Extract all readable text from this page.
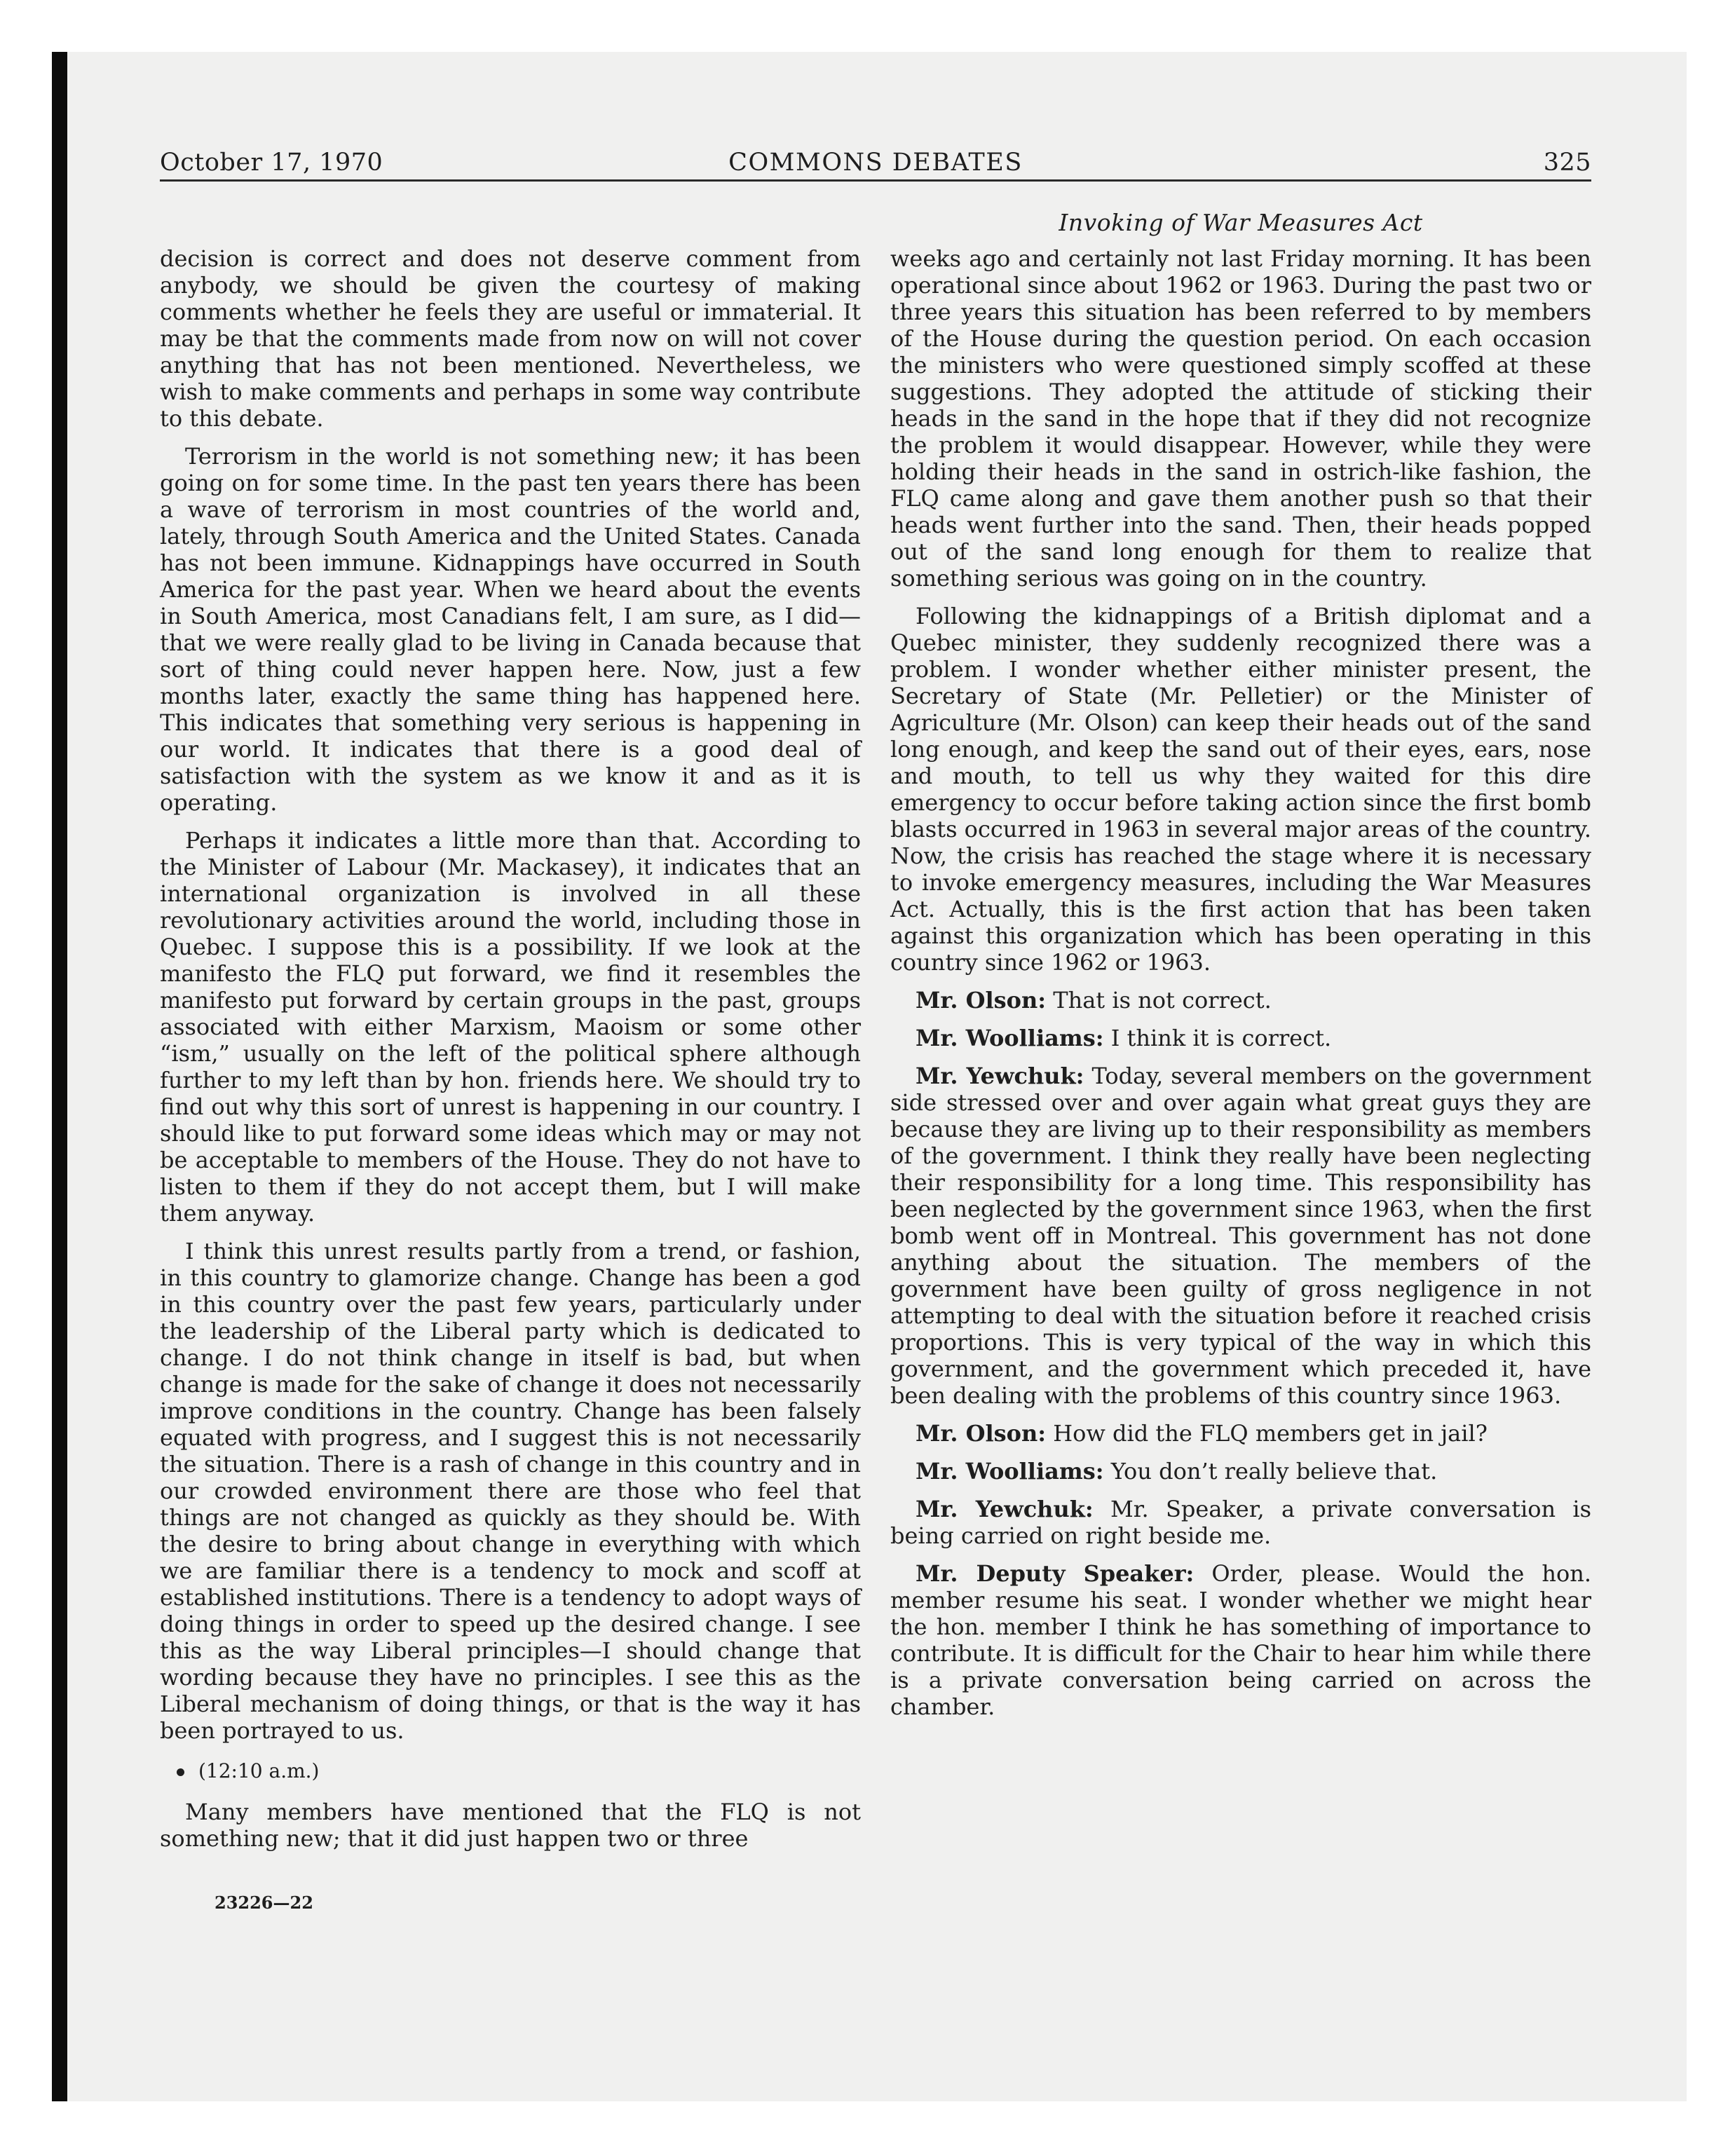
October 17, 1970	COMMONS DEBATES	325
Invoking of War Measures Act

decision is correct and does not deserve comment from anybody, we should be given the courtesy of making comments whether he feels they are useful or immaterial. It may be that the comments made from now on will not cover anything that has not been mentioned. Nevertheless, we wish to make comments and perhaps in some way contribute to this debate.

Terrorism in the world is not something new; it has been going on for some time. In the past ten years there has been a wave of terrorism in most countries of the world and, lately, through South America and the United States. Canada has not been immune. Kidnappings have occurred in South America for the past year. When we heard about the events in South America, most Canadians felt, I am sure, as I did—that we were really glad to be living in Canada because that sort of thing could never happen here. Now, just a few months later, exactly the same thing has happened here. This indicates that something very serious is happening in our world. It indicates that there is a good deal of satisfaction with the system as we know it and as it is operating.

Perhaps it indicates a little more than that. According to the Minister of Labour (Mr. Mackasey), it indicates that an international organization is involved in all these revolutionary activities around the world, including those in Quebec. I suppose this is a possibility. If we look at the manifesto the FLQ put forward, we find it resembles the manifesto put forward by certain groups in the past, groups associated with either Marxism, Maoism or some other “ism,” usually on the left of the political sphere although further to my left than by hon. friends here. We should try to find out why this sort of unrest is happening in our country. I should like to put forward some ideas which may or may not be acceptable to members of the House. They do not have to listen to them if they do not accept them, but I will make them anyway.

I think this unrest results partly from a trend, or fashion, in this country to glamorize change. Change has been a god in this country over the past few years, particularly under the leadership of the Liberal party which is dedicated to change. I do not think change in itself is bad, but when change is made for the sake of change it does not necessarily improve conditions in the country. Change has been falsely equated with progress, and I suggest this is not necessarily the situation. There is a rash of change in this country and in our crowded environment there are those who feel that things are not changed as quickly as they should be. With the desire to bring about change in everything with which we are familiar there is a tendency to mock and scoff at established institutions. There is a tendency to adopt ways of doing things in order to speed up the desired change. I see this as the way Liberal principles—I should change that wording because they have no principles. I see this as the Liberal mechanism of doing things, or that is the way it has been portrayed to us.

(12:10 a.m.)

Many members have mentioned that the FLQ is not something new; that it did just happen two or three

23226—22

weeks ago and certainly not last Friday morning. It has been operational since about 1962 or 1963. During the past two or three years this situation has been referred to by members of the House during the question period. On each occasion the ministers who were questioned simply scoffed at these suggestions. They adopted the attitude of sticking their heads in the sand in the hope that if they did not recognize the problem it would disappear. However, while they were holding their heads in the sand in ostrich-like fashion, the FLQ came along and gave them another push so that their heads went further into the sand. Then, their heads popped out of the sand long enough for them to realize that something serious was going on in the country.

Following the kidnappings of a British diplomat and a Quebec minister, they suddenly recognized there was a problem. I wonder whether either minister present, the Secretary of State (Mr. Pelletier) or the Minister of Agriculture (Mr. Olson) can keep their heads out of the sand long enough, and keep the sand out of their eyes, ears, nose and mouth, to tell us why they waited for this dire emergency to occur before taking action since the first bomb blasts occurred in 1963 in several major areas of the country. Now, the crisis has reached the stage where it is necessary to invoke emergency measures, including the War Measures Act. Actually, this is the first action that has been taken against this organization which has been operating in this country since 1962 or 1963.

Mr. Olson: That is not correct.

Mr. Woolliams: I think it is correct.

Mr. Yewchuk: Today, several members on the government side stressed over and over again what great guys they are because they are living up to their responsibility as members of the government. I think they really have been neglecting their responsibility for a long time. This responsibility has been neglected by the government since 1963, when the first bomb went off in Montreal. This government has not done anything about the situation. The members of the government have been guilty of gross negligence in not attempting to deal with the situation before it reached crisis proportions. This is very typical of the way in which this government, and the government which preceded it, have been dealing with the problems of this country since 1963.

Mr. Olson: How did the FLQ members get in jail?

Mr. Woolliams: You don’t really believe that.

Mr. Yewchuk: Mr. Speaker, a private conversation is being carried on right beside me.

Mr. Deputy Speaker: Order, please. Would the hon. member resume his seat. I wonder whether we might hear the hon. member I think he has something of importance to contribute. It is difficult for the Chair to hear him while there is a private conversation being carried on across the chamber.
